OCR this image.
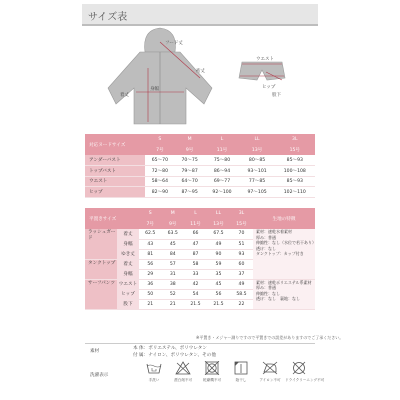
サイズ表
フード丈
裄丈
身幅
着丈
ウエスト
ヒップ
股下
対応ヌードサイズ	S	M	L	LL	3L
	7号	9号	11号	13号	15号
アンダーバスト	65〜70	70〜75	75〜80	80〜85	85〜93
トップバスト	72〜80	79〜87	86〜94	93〜101	100〜108
ウエスト	58〜64	64〜70	69〜77	77〜85	85〜93
ヒップ	82〜90	87〜95	92〜100	97〜105	102〜110
平置きサイズ		S	M	L	LL	3L	生地の特徴
		7号	9号	11号	13号	15号	
ラッシュガード	着丈	62.5	63.5	66	67.5	70	素材：速乾水着素材
厚み：普通
伸縮性：なし（水位で若干あり）
透け：なし
タンクトップ：カップ付き

	身幅	43	45	47	49	51	
	ゆき丈	81	84	87	90	93	
タンクトップ	着丈	56	57	58	59	60	
	身幅	29	31	33	35	37	
サーフパンツ	ウエスト	36	38	42	45	49	素材：速乾ポリエステル系素材
厚み：普通
伸縮性：なし
透け：なし　裏地：なし

	ヒップ	50	52	54	56	58.5	
	股下	21	21	21.5	21.5	22	
※平置き・メジャー測りですので平置きでの誤差がありますのでご了承ください。
素材
本 体：ポリエステル、ポリウレタン
付 属：ナイロン、ポリウレタン、その他
洗濯表示
手洗い	漂白剤不可	乾燥機不可	陰干し	アイロン不可	ドライクリーニング不可
